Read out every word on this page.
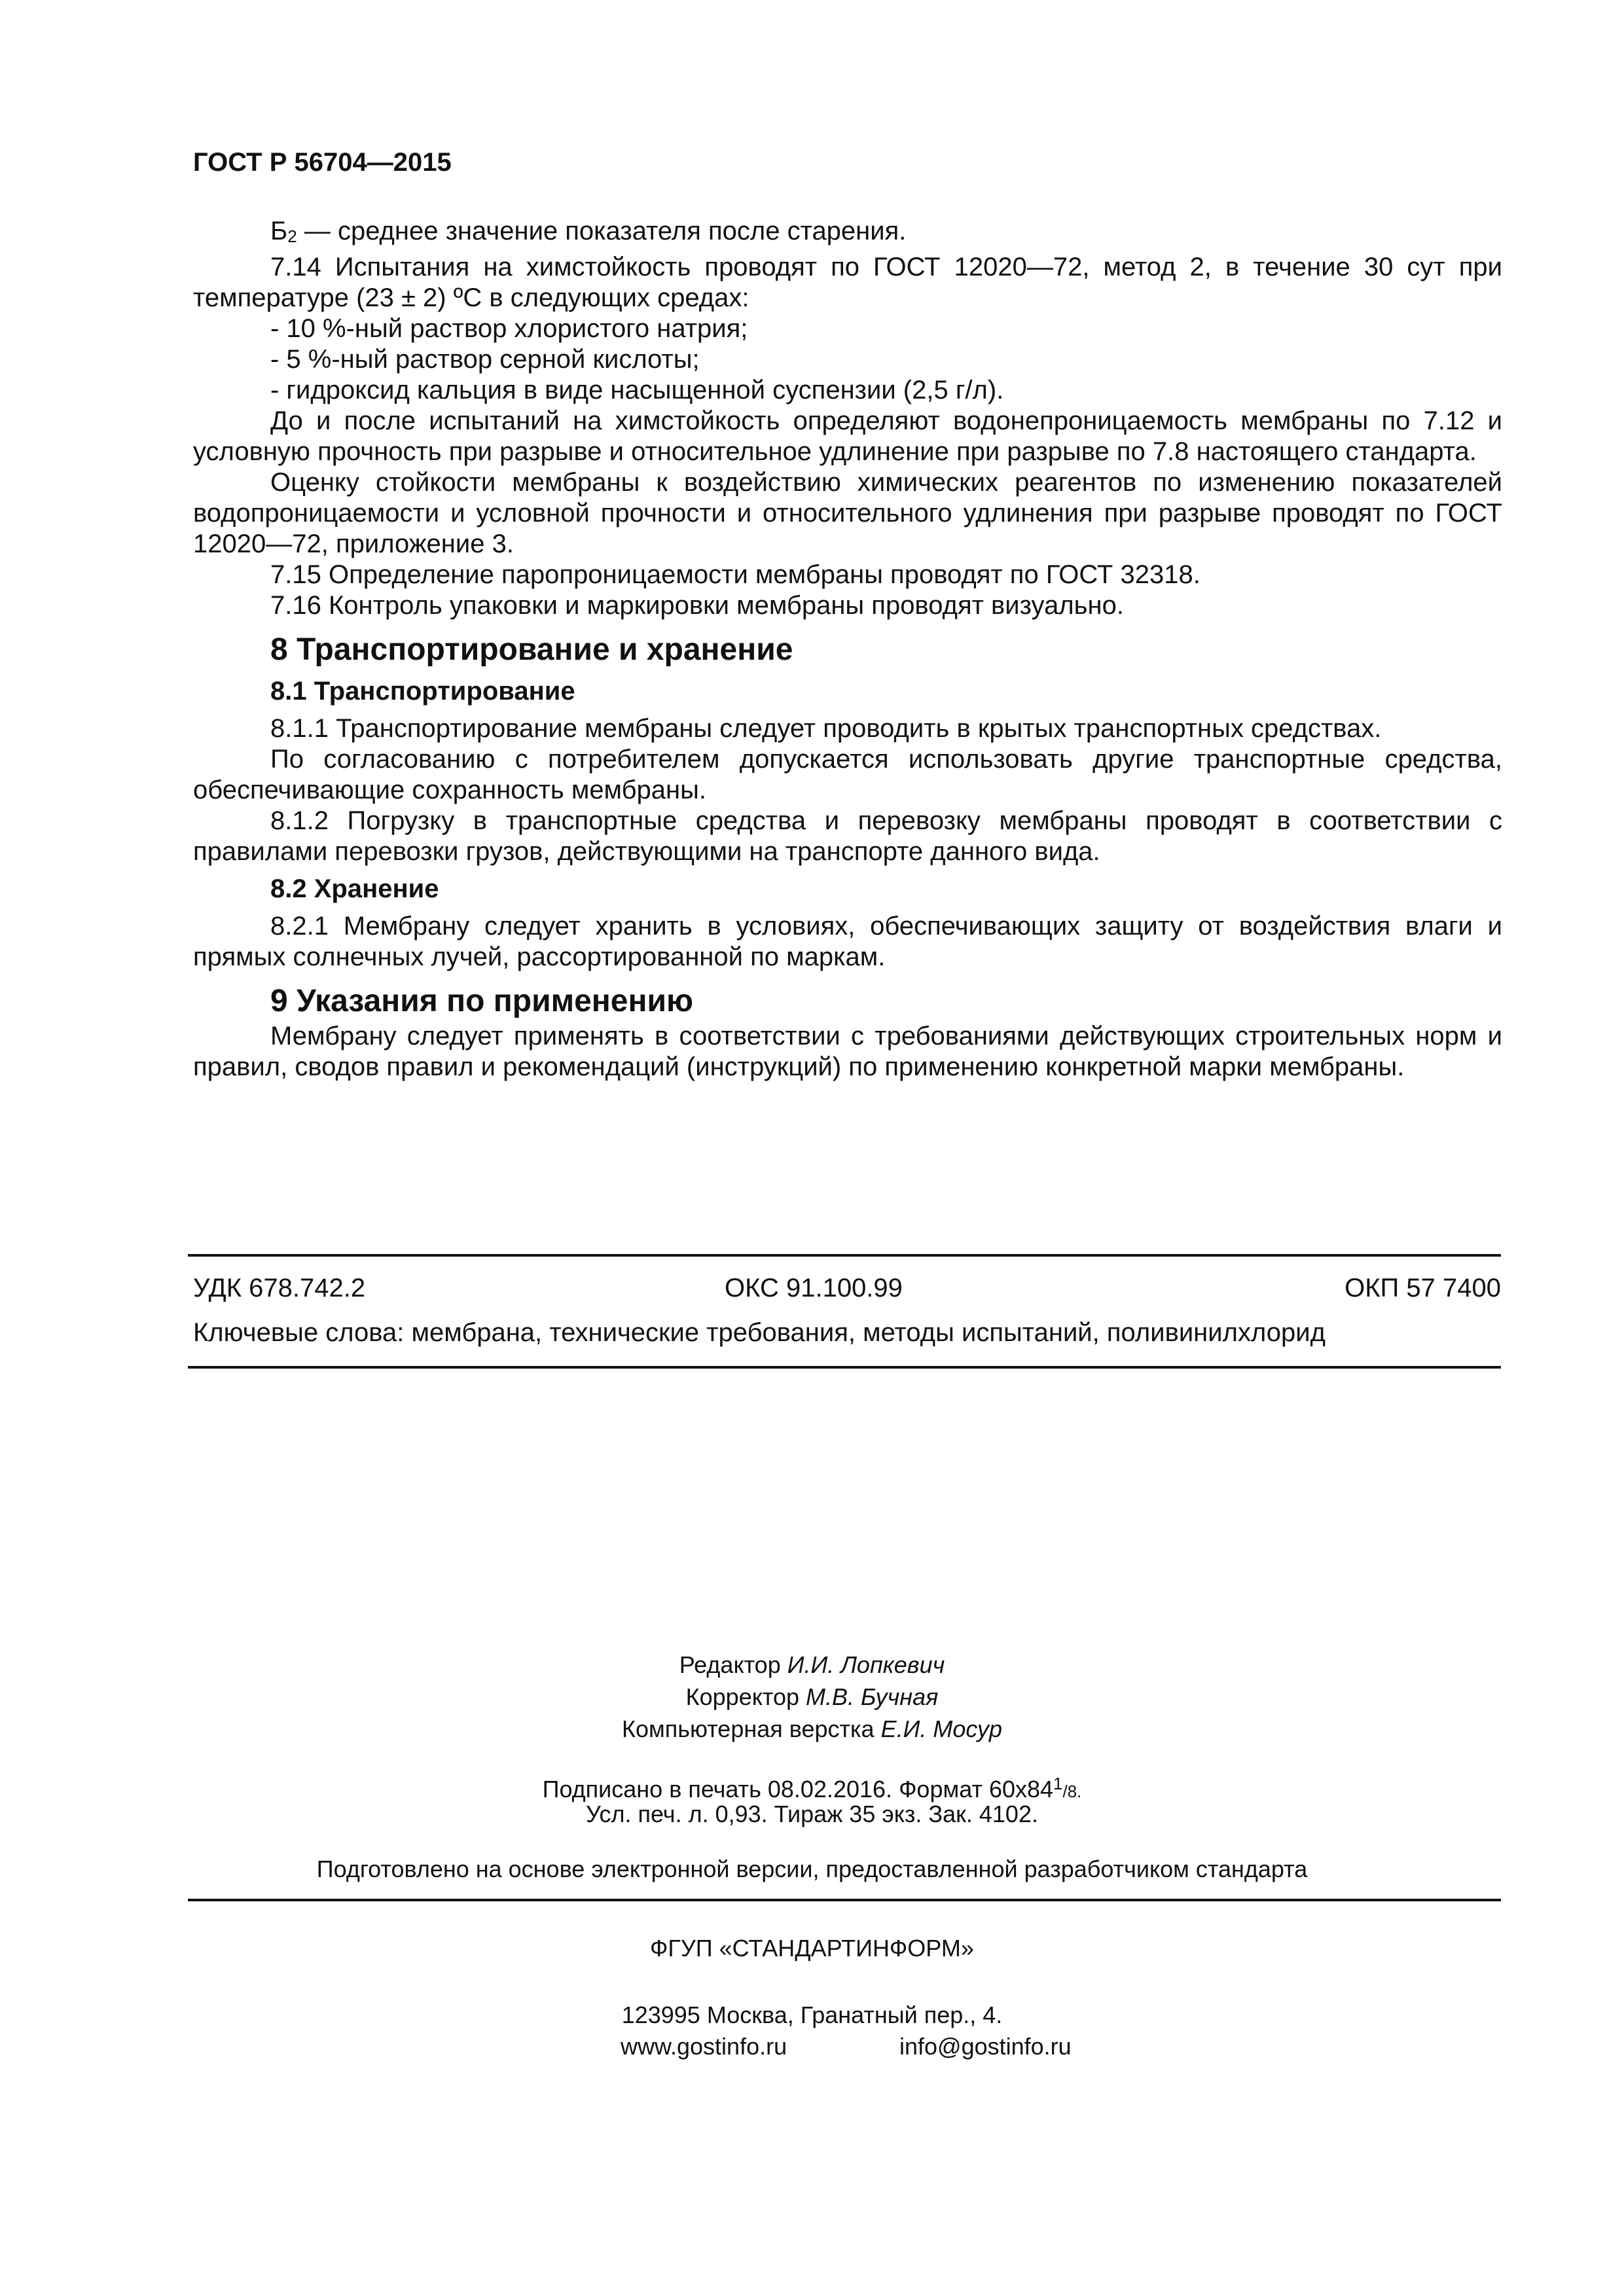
ГОСТ Р 56704—2015

Б2 — среднее значение показателя после старения.

7.14 Испытания на химстойкость проводят по ГОСТ 12020—72, метод 2, в течение 30 сут при температуре (23 ± 2) ºС в следующих средах:

- 10 %-ный раствор хлористого натрия;

- 5 %-ный раствор серной кислоты;

- гидроксид кальция в виде насыщенной суспензии (2,5 г/л).

До и после испытаний на химстойкость определяют водонепроницаемость мембраны по 7.12 и условную прочность при разрыве и относительное удлинение при разрыве по 7.8 настоящего стандарта.

Оценку стойкости мембраны к воздействию химических реагентов по изменению показателей водопроницаемости и условной прочности и относительного удлинения при разрыве проводят по ГОСТ 12020—72, приложение 3.

7.15 Определение паропроницаемости мембраны проводят по ГОСТ 32318.

7.16 Контроль упаковки и маркировки мембраны проводят визуально.

8 Транспортирование и хранение
8.1 Транспортирование

8.1.1 Транспортирование мембраны следует проводить в крытых транспортных средствах.

По согласованию с потребителем допускается использовать другие транспортные средства, обеспечивающие сохранность мембраны.

8.1.2 Погрузку в транспортные средства и перевозку мембраны проводят в соответствии с правилами перевозки грузов, действующими на транспорте данного вида.

8.2 Хранение

8.2.1 Мембрану следует хранить в условиях, обеспечивающих защиту от воздействия влаги и прямых солнечных лучей, рассортированной по маркам.

9 Указания по применению

Мембрану следует применять в соответствии с требованиями действующих строительных норм и правил, сводов правил и рекомендаций (инструкций) по применению конкретной марки мембраны.

УДК 678.742.2	ОКС 91.100.99	ОКП 57 7400
Ключевые слова: мембрана, технические требования, методы испытаний, поливинилхлорид
Редактор И.И. Лопкевич
Корректор М.В. Бучная
Компьютерная верстка Е.И. Мосур
Подписано в печать 08.02.2016. Формат $60х84^1/8$.
Усл. печ. л. 0,93. Тираж 35 экз. Зак. 4102.
Подготовлено на основе электронной версии, предоставленной разработчиком стандарта
ФГУП «СТАНДАРТИНФОРМ»
123995 Москва, Гранатный пер., 4.
www.gostinfo.ru	info@gostinfo.ru
